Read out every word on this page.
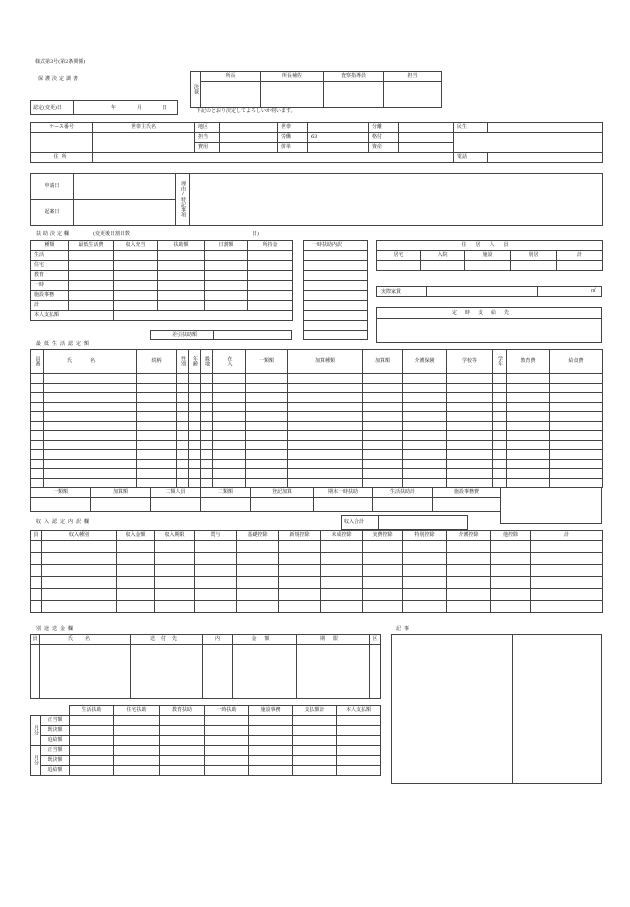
様式第3号(第2条関係)
保護決定調書
決裁	所長	所長補佐	査察指導員	担当

下記のとおり決定してよろしいか伺います。
認定(変更)日	年	月	日
ケース番号	世帯主氏名	地区		世帯		分離		民生	
		担当		労働	63	格付			
		費用		併単		資産			
住所								電話	
申請日		理由/特記事項	
起案日			
扶助決定欄	(変更後日割日数	日)
種類	最低生活費	収入充当	扶助額	日割額	所持金
生活					
住宅					
教育					
一時					
施設事務					
計					
本人支払額					
差引扶助額
一時扶助内訳	住居人員				
居宅	入院	施設	別居	計

実際家賃	㎡
定時支給先
最低生活認定額
員番	氏名	続柄	性別	年齢	級地	在入	一類額	加算種類	加算額	介護保険	学校等	学年	教育費	給食費

一類額	加算額	二類人員	二類額	登記加算	期末一時扶助	生活扶助計	施設事務費

収入認定内訳欄	収入合計
員	収入種別	収入金額	収入期限	賞与	基礎控除	新規控除	未成控除	実費控除	特別控除	介護控除	他控除	計

別途送金欄
員	氏名	送付先	内	金額	期限	区

記事
		生活扶助	住宅扶助	教育扶助	一時扶助	施設事務	支払額計	本人支払額
月分	正当額							
	既決額							
	追給額							
月分	正当額							
	既決額							
	追給額							
